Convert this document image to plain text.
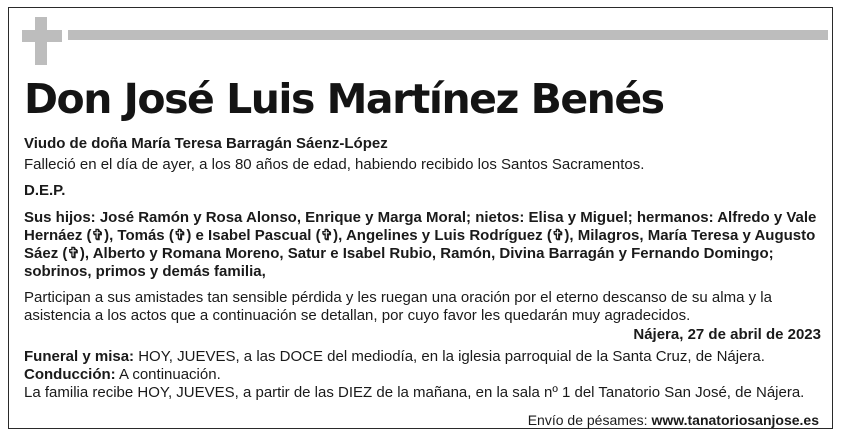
Don José Luis Martínez Benés

Viudo de doña María Teresa Barragán Sáenz-López

Falleció en el día de ayer, a los 80 años de edad, habiendo recibido los Santos Sacramentos.

D.E.P.

Sus hijos: José Ramón y Rosa Alonso, Enrique y Marga Moral; nietos: Elisa y Miguel; hermanos: Alfredo y Vale Hernáez (✞), Tomás (✞) e Isabel Pascual (✞), Angelines y Luis Rodríguez (✞), Milagros, María Teresa y Augusto Sáez (✞), Alberto y Romana Moreno, Satur e Isabel Rubio, Ramón, Divina Barragán y Fernando Domingo; sobrinos, primos y demás familia,

Participan a sus amistades tan sensible pérdida y les ruegan una oración por el eterno descanso de su alma y la asistencia a los actos que a continuación se detallan, por cuyo favor les quedarán muy agradecidos.

Nájera, 27 de abril de 2023

Funeral y misa: HOY, JUEVES, a las DOCE del mediodía, en la iglesia parroquial de la Santa Cruz, de Nájera.

Conducción: A continuación.

La familia recibe HOY, JUEVES, a partir de las DIEZ de la mañana, en la sala nº 1 del Tanatorio San José, de Nájera.

Envío de pésames: www.tanatoriosanjose.es
